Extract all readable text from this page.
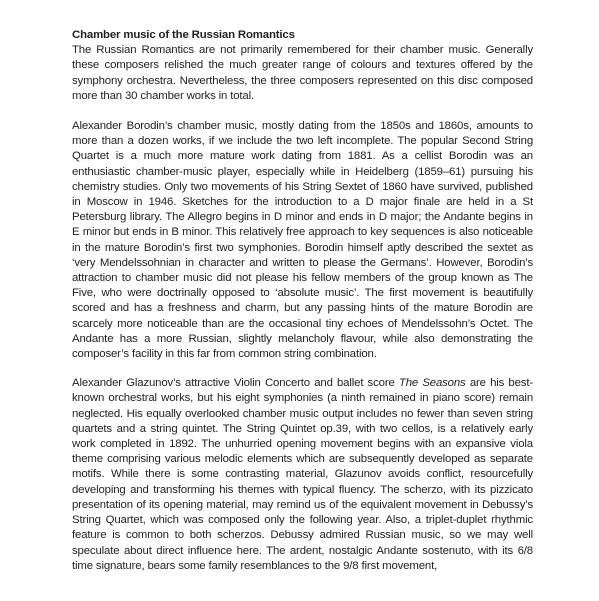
Chamber music of the Russian Romantics

The Russian Romantics are not primarily remembered for their chamber music. Generally these composers relished the much greater range of colours and textures offered by the symphony orchestra. Nevertheless, the three composers represented on this disc composed more than 30 chamber works in total.

Alexander Borodin’s chamber music, mostly dating from the 1850s and 1860s, amounts to more than a dozen works, if we include the two left incomplete. The popular Second String Quartet is a much more mature work dating from 1881. As a cellist Borodin was an enthusiastic chamber-music player, especially while in Heidelberg (1859–61) pursuing his chemistry studies. Only two movements of his String Sextet of 1860 have survived, published in Moscow in 1946. Sketches for the introduction to a D major finale are held in a St Petersburg library. The Allegro begins in D minor and ends in D major; the Andante begins in E minor but ends in B minor. This relatively free approach to key sequences is also noticeable in the mature Borodin’s first two symphonies. Borodin himself aptly described the sextet as ‘very Mendelssohnian in character and written to please the Germans’. However, Borodin’s attraction to chamber music did not please his fellow members of the group known as The Five, who were doctrinally opposed to ‘absolute music’. The first movement is beautifully scored and has a freshness and charm, but any passing hints of the mature Borodin are scarcely more noticeable than are the occasional tiny echoes of Mendelssohn’s Octet. The Andante has a more Russian, slightly melancholy flavour, while also demonstrating the composer’s facility in this far from common string combination.

Alexander Glazunov’s attractive Violin Concerto and ballet score The Seasons are his best-known orchestral works, but his eight symphonies (a ninth remained in piano score) remain neglected. His equally overlooked chamber music output includes no fewer than seven string quartets and a string quintet. The String Quintet op.39, with two cellos, is a relatively early work completed in 1892. The unhurried opening movement begins with an expansive viola theme comprising various melodic elements which are subsequently developed as separate motifs. While there is some contrasting material, Glazunov avoids conflict, resourcefully developing and transforming his themes with typical fluency. The scherzo, with its pizzicato presentation of its opening material, may remind us of the equivalent movement in Debussy’s String Quartet, which was composed only the following year. Also, a triplet-duplet rhythmic feature is common to both scherzos. Debussy admired Russian music, so we may well speculate about direct influence here. The ardent, nostalgic Andante sostenuto, with its 6/8 time signature, bears some family resemblances to the 9/8 first movement,
